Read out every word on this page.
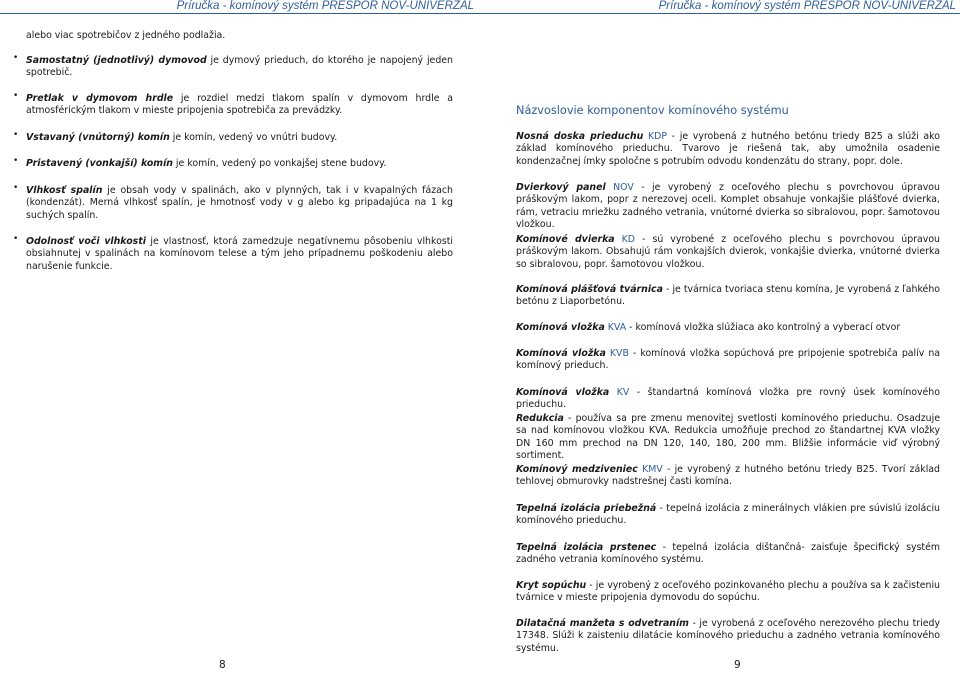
Príručka - komínový systém PRESPOR NOV-UNIVERZÁL

alebo viac spotrebičov z jedného podlažia.

• Samostatný (jednotlivý) dymovod je dymový prieduch, do ktorého je napojený jeden spotrebič.

• Pretlak v dymovom hrdle je rozdiel medzi tlakom spalín v dymovom hrdle a atmosférickým tlakom v mieste pripojenia spotrebiča za prevádzky.

• Vstavaný (vnútorný) komín je komín, vedený vo vnútri budovy.

• Pristavený (vonkajší) komín je komín, vedený po vonkajšej stene budovy.

• Vlhkosť spalín je obsah vody v spalinách, ako v plynných, tak i v kvapalných fázach (kondenzát). Merná vlhkosť spalín, je hmotnosť vody v g alebo kg pripadajúca na 1 kg suchých spalín.

• Odolnosť voči vlhkosti je vlastnosť, ktorá zamedzuje negatívnemu pôsobeniu vlhkosti obsiahnutej v spalinách na komínovom telese a tým jeho prípadnemu poškodeniu alebo narušenie funkcie.

8
Príručka - komínový systém PRESPOR NOV-UNIVERZÁL
Názvoslovie komponentov komínového systému

Nosná doska prieduchu KDP - je vyrobená z hutného betónu triedy B25 a slúži ako základ komínového prieduchu. Tvarovo je riešená tak, aby umožnila osadenie kondenzačnej ímky spoločne s potrubím odvodu kondenzátu do strany, popr. dole.

Dvierkový panel NOV - je vyrobený z oceľového plechu s povrchovou úpravou práškovým lakom, popr z nerezovej oceli. Komplet obsahuje vonkajšie plášťové dvierka, rám, vetraciu mriežku zadného vetrania, vnútorné dvierka so sibralovou, popr. šamotovou vložkou.

Komínové dvierka KD - sú vyrobené z oceľového plechu s povrchovou úpravou práškovým lakom. Obsahujú rám vonkajších dvierok, vonkajšie dvierka, vnútorné dvierka so sibralovou, popr. šamotovou vložkou.

Komínová plášťová tvárnica - je tvárnica tvoriaca stenu komína, Je vyrobená z ľahkého betónu z Liaporbetónu.

Komínová vložka KVA - komínová vložka slúžiaca ako kontrolný a vyberací otvor

Komínová vložka KVB - komínová vložka sopúchová pre pripojenie spotrebiča palív na komínový prieduch.

Komínová vložka KV - štandartná komínová vložka pre rovný úsek komínového prieduchu.

Redukcia - používa sa pre zmenu menovitej svetlosti komínového prieduchu. Osadzuje sa nad komínovou vložkou KVA. Redukcia umožňuje prechod zo štandartnej KVA vložky DN 160 mm prechod na DN 120, 140, 180, 200 mm. Bližšie informácie viď výrobný sortiment.

Komínový medziveniec KMV - je vyrobený z hutného betónu triedy B25. Tvorí základ tehlovej obmurovky nadstrešnej časti komína.

Tepelná izolácia priebežná - tepelná izolácia z minerálnych vlákien pre súvislú izoláciu komínového prieduchu.

Tepelná izolácia prstenec - tepelná izolácia dištančná- zaisťuje špecifický systém zadného vetrania komínového systému.

Kryt sopúchu - je vyrobený z oceľového pozinkovaného plechu a používa sa k začisteniu tvárnice v mieste pripojenia dymovodu do sopúchu.

Dilatačná manžeta s odvetraním - je vyrobená z oceľového nerezového plechu triedy 17348. Slúži k zaisteniu dilatácie komínového prieduchu a zadného vetrania komínového systému.

9
